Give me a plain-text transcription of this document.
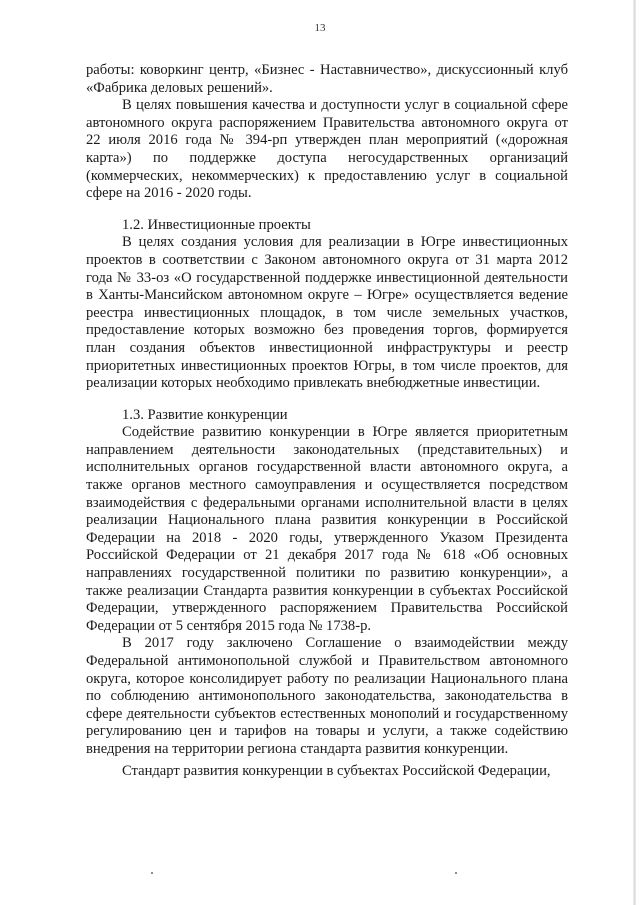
13

работы: коворкинг центр, «Бизнес - Наставничество», дискуссионный клуб «Фабрика деловых решений».

В целях повышения качества и доступности услуг в социальной сфере автономного округа распоряжением Правительства автономного округа от 22 июля 2016 года № 394-рп утвержден план мероприятий («дорожная карта») по поддержке доступа негосударственных организаций (коммерческих, некоммерческих) к предоставлению услуг в социальной сфере на 2016 - 2020 годы.

1.2. Инвестиционные проекты

В целях создания условия для реализации в Югре инвестиционных проектов в соответствии с Законом автономного округа от 31 марта 2012 года № 33-оз «О государственной поддержке инвестиционной деятельности в Ханты-Мансийском автономном округе – Югре» осуществляется ведение реестра инвестиционных площадок, в том числе земельных участков, предоставление которых возможно без проведения торгов, формируется план создания объектов инвестиционной инфраструктуры и реестр приоритетных инвестиционных проектов Югры, в том числе проектов, для реализации которых необходимо привлекать внебюджетные инвестиции.

1.3. Развитие конкуренции

Содействие развитию конкуренции в Югре является приоритетным направлением деятельности законодательных (представительных) и исполнительных органов государственной власти автономного округа, а также органов местного самоуправления и осуществляется посредством взаимодействия с федеральными органами исполнительной власти в целях реализации Национального плана развития конкуренции в Российской Федерации на 2018 - 2020 годы, утвержденного Указом Президента Российской Федерации от 21 декабря 2017 года № 618 «Об основных направлениях государственной политики по развитию конкуренции», а также реализации Стандарта развития конкуренции в субъектах Российской Федерации, утвержденного распоряжением Правительства Российской Федерации от 5 сентября 2015 года № 1738-р.

В 2017 году заключено Соглашение о взаимодействии между Федеральной антимонопольной службой и Правительством автономного округа, которое консолидирует работу по реализации Национального плана по соблюдению антимонопольного законодательства, законодательства в сфере деятельности субъектов естественных монополий и государственному регулированию цен и тарифов на товары и услуги, а также содействию внедрения на территории региона стандарта развития конкуренции.

Стандарт развития конкуренции в субъектах Российской Федерации,
